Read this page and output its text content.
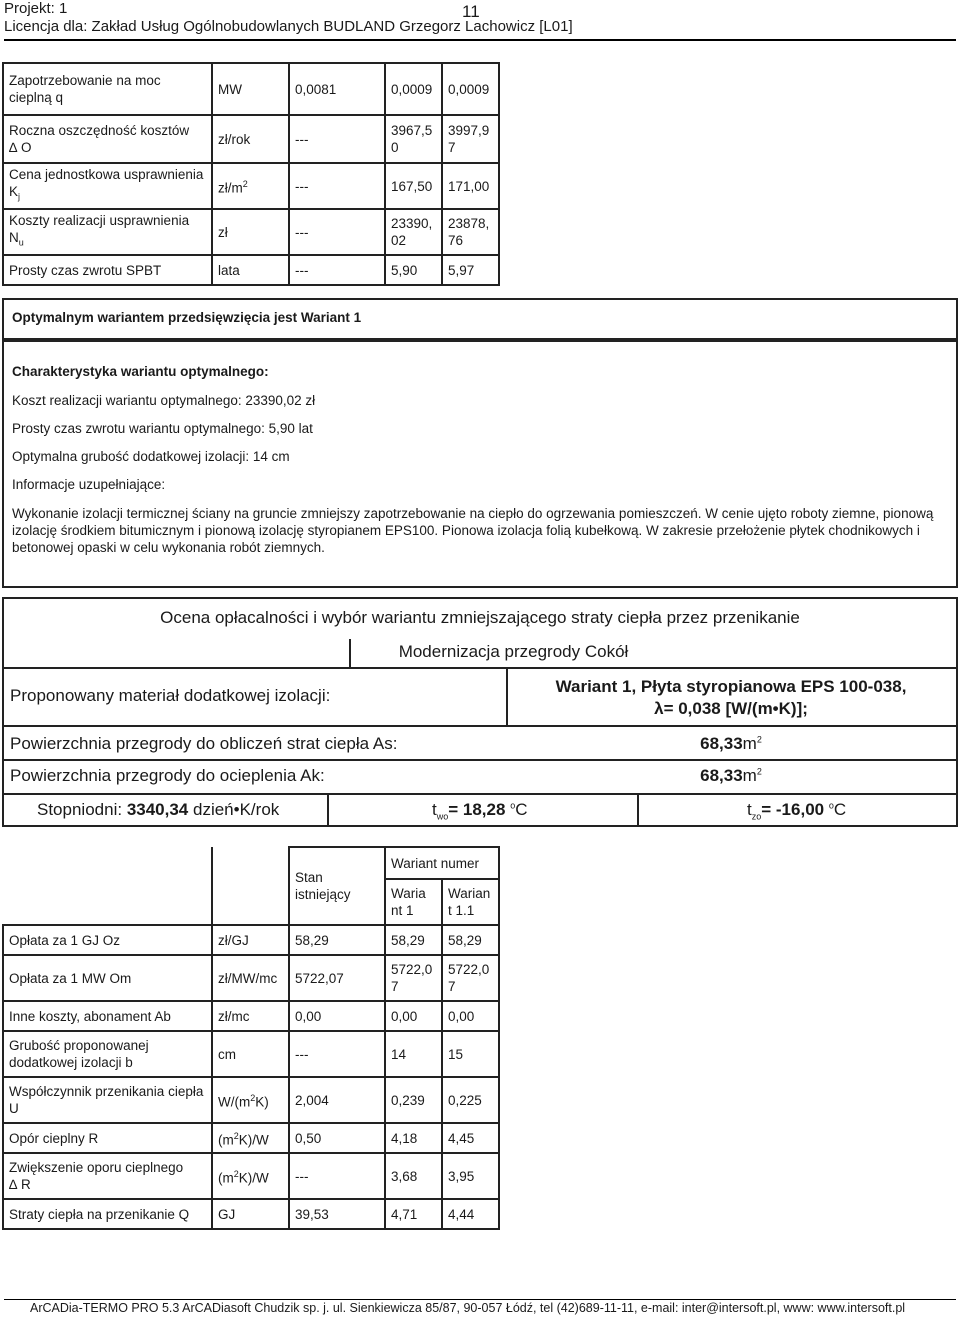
Projekt: 1	11
Licencja dla: Zakład Usług Ogólnobudowlanych BUDLAND Grzegorz Lachowicz [L01]
Zapotrzebowanie na moc cieplną q	MW	0,0081	0,0009	0,0009
Roczna oszczędność kosztów
∆ O	zł/rok	---	3967,5 0	3997,9 7
Cena jednostkowa usprawnienia $K_j$	$zł/m^2$	---	167,50	171,00
Koszty realizacji usprawnienia $N_u$	zł	---	23390, 02	23878, 76
Prosty czas zwrotu SPBT	lata	---	5,90	5,97
Optymalnym wariantem przedsięwzięcia jest Wariant 1
Charakterystyka wariantu optymalnego:
Koszt realizacji wariantu optymalnego: 23390,02 zł
Prosty czas zwrotu wariantu optymalnego: 5,90 lat
Optymalna grubość dodatkowej izolacji: 14 cm
Informacje uzupełniające:
Wykonanie izolacji termicznej ściany na gruncie zmniejszy zapotrzebowanie na ciepło do ogrzewania pomieszczeń. W cenie ujęto roboty ziemne, pionową izolację środkiem bitumicznym i pionową izolację styropianem EPS100. Pionowa izolacja folią kubełkową. W zakresie przełożenie płytek chodnikowych i betonowej opaski w celu wykonania robót ziemnych.
Ocena opłacalności i wybór wariantu zmniejszającego straty ciepła przez przenikanie
Modernizacja przegrody Cokół
Proponowany materiał dodatkowej izolacji:	Wariant 1, Płyta styropianowa EPS 100-038,
λ= 0,038 [W/(m•K)];
Powierzchnia przegrody do obliczeń strat ciepła As:	$68,33m^2$
Powierzchnia przegrody do ocieplenia Ak:	$68,33m^2$
Stopniodni: 3340,34 dzień•K/rok	$t_{wo}= 18,28$ $^o$C	$t_{zo}= -16,00$ $^o$C
		Stan istniejący	Wariant numer	
			Waria nt 1	Warian t 1.1
Opłata za 1 GJ Oz	zł/GJ	58,29	58,29	58,29
Opłata za 1 MW Om	zł/MW/mc	5722,07	5722,0 7	5722,0 7
Inne koszty, abonament Ab	zł/mc	0,00	0,00	0,00
Grubość proponowanej dodatkowej izolacji b	cm	---	14	15
Współczynnik przenikania ciepła U	$W/(m^2K)$	2,004	0,239	0,225
Opór cieplny R	$(m^2K)/W$	0,50	4,18	4,45
Zwiększenie oporu cieplnego
∆ R	$(m^2K)/W$	---	3,68	3,95
Straty ciepła na przenikanie Q	GJ	39,53	4,71	4,44
ArCADia-TERMO PRO 5.3 ArCADiasoft Chudzik sp. j. ul. Sienkiewicza 85/87, 90-057 Łódź, tel (42)689-11-11, e-mail: inter@intersoft.pl, www: www.intersoft.pl
